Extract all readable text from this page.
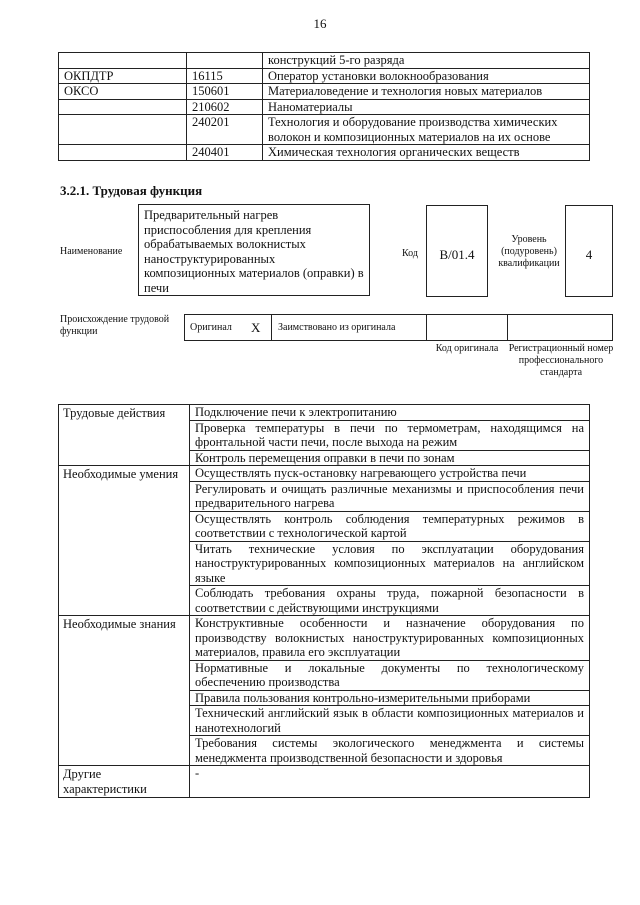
16
		конструкций 5-го разряда
ОКПДТР	16115	Оператор установки волокнообразования
ОКСО	150601	Материаловедение и технология новых материалов
	210602	Наноматериалы
	240201	Технология и оборудование производства химических волокон и композиционных материалов на их основе
	240401	Химическая технология органических веществ
3.2.1. Трудовая функция
Наименование
Предварительный нагрев приспособления для крепления обрабатываемых волокнистых наноструктурированных композиционных материалов (оправки) в печи
Код	B/01.4
Уровень (подуровень) квалификации
4
Происхождение трудовой функции	Оригинал X Заимствовано из оригинала
Код оригинала	Регистрационный номер профессионального стандарта
Трудовые действия	Подключение печи к электропитанию
	Проверка температуры в печи по термометрам, находящимся на фронтальной части печи, после выхода на режим
	Контроль перемещения оправки в печи по зонам
Необходимые умения	Осуществлять пуск-остановку нагревающего устройства печи
	Регулировать и очищать различные механизмы и приспособления печи предварительного нагрева
	Осуществлять контроль соблюдения температурных режимов в соответствии с технологической картой
	Читать технические условия по эксплуатации оборудования наноструктурированных композиционных материалов на английском языке
	Соблюдать требования охраны труда, пожарной безопасности в соответствии с действующими инструкциями
Необходимые знания	Конструктивные особенности и назначение оборудования по производству волокнистых наноструктурированных композиционных материалов, правила его эксплуатации
	Нормативные и локальные документы по технологическому обеспечению производства
	Правила пользования контрольно-измерительными приборами
	Технический английский язык в области композиционных материалов и нанотехнологий
	Требования системы экологического менеджмента и системы менеджмента производственной безопасности и здоровья
Другие характеристики	-
